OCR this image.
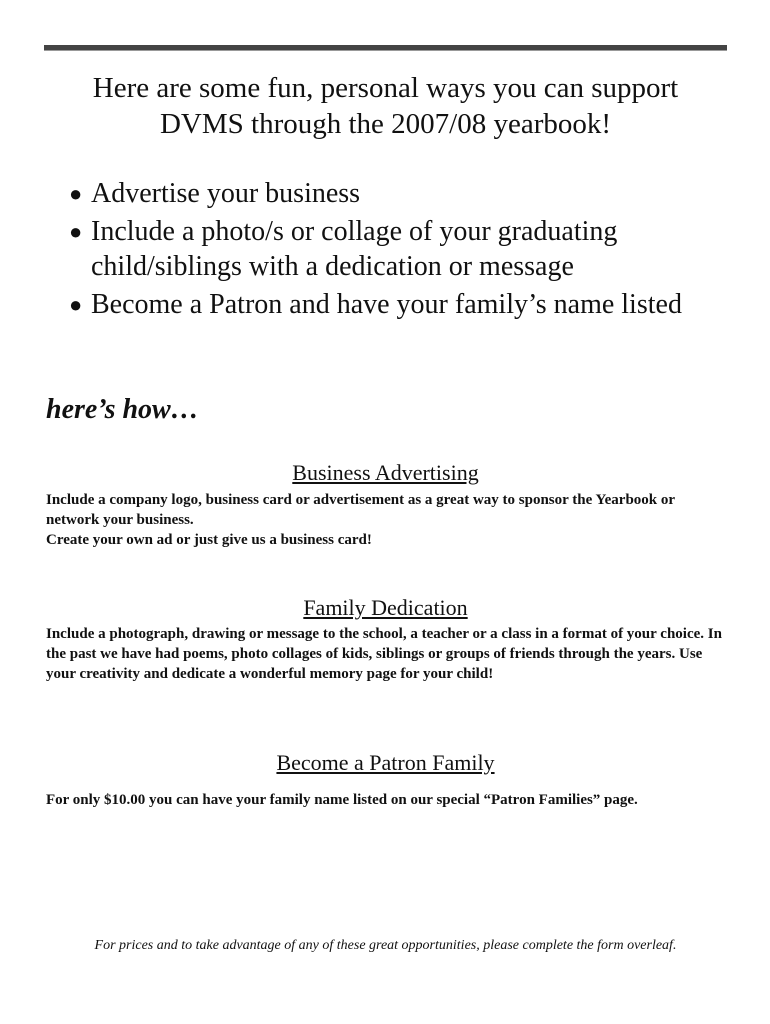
Here are some fun, personal ways you can support
DVMS through the 2007/08 yearbook!
● Advertise your business
● Include a photo/s or collage of your graduating child/siblings with a dedication or message
● Become a Patron and have your family’s name listed

here’s how…

Business Advertising

Include a company logo, business card or advertisement as a great way to sponsor the Yearbook or network your business.
Create your own ad or just give us a business card!

Family Dedication

Include a photograph, drawing or message to the school, a teacher or a class in a format of your choice. In the past we have had poems, photo collages of kids, siblings or groups of friends through the years. Use your creativity and dedicate a wonderful memory page for your child!

Become a Patron Family

For only $10.00 you can have your family name listed on our special “Patron Families” page.

For prices and to take advantage of any of these great opportunities, please complete the form overleaf.
